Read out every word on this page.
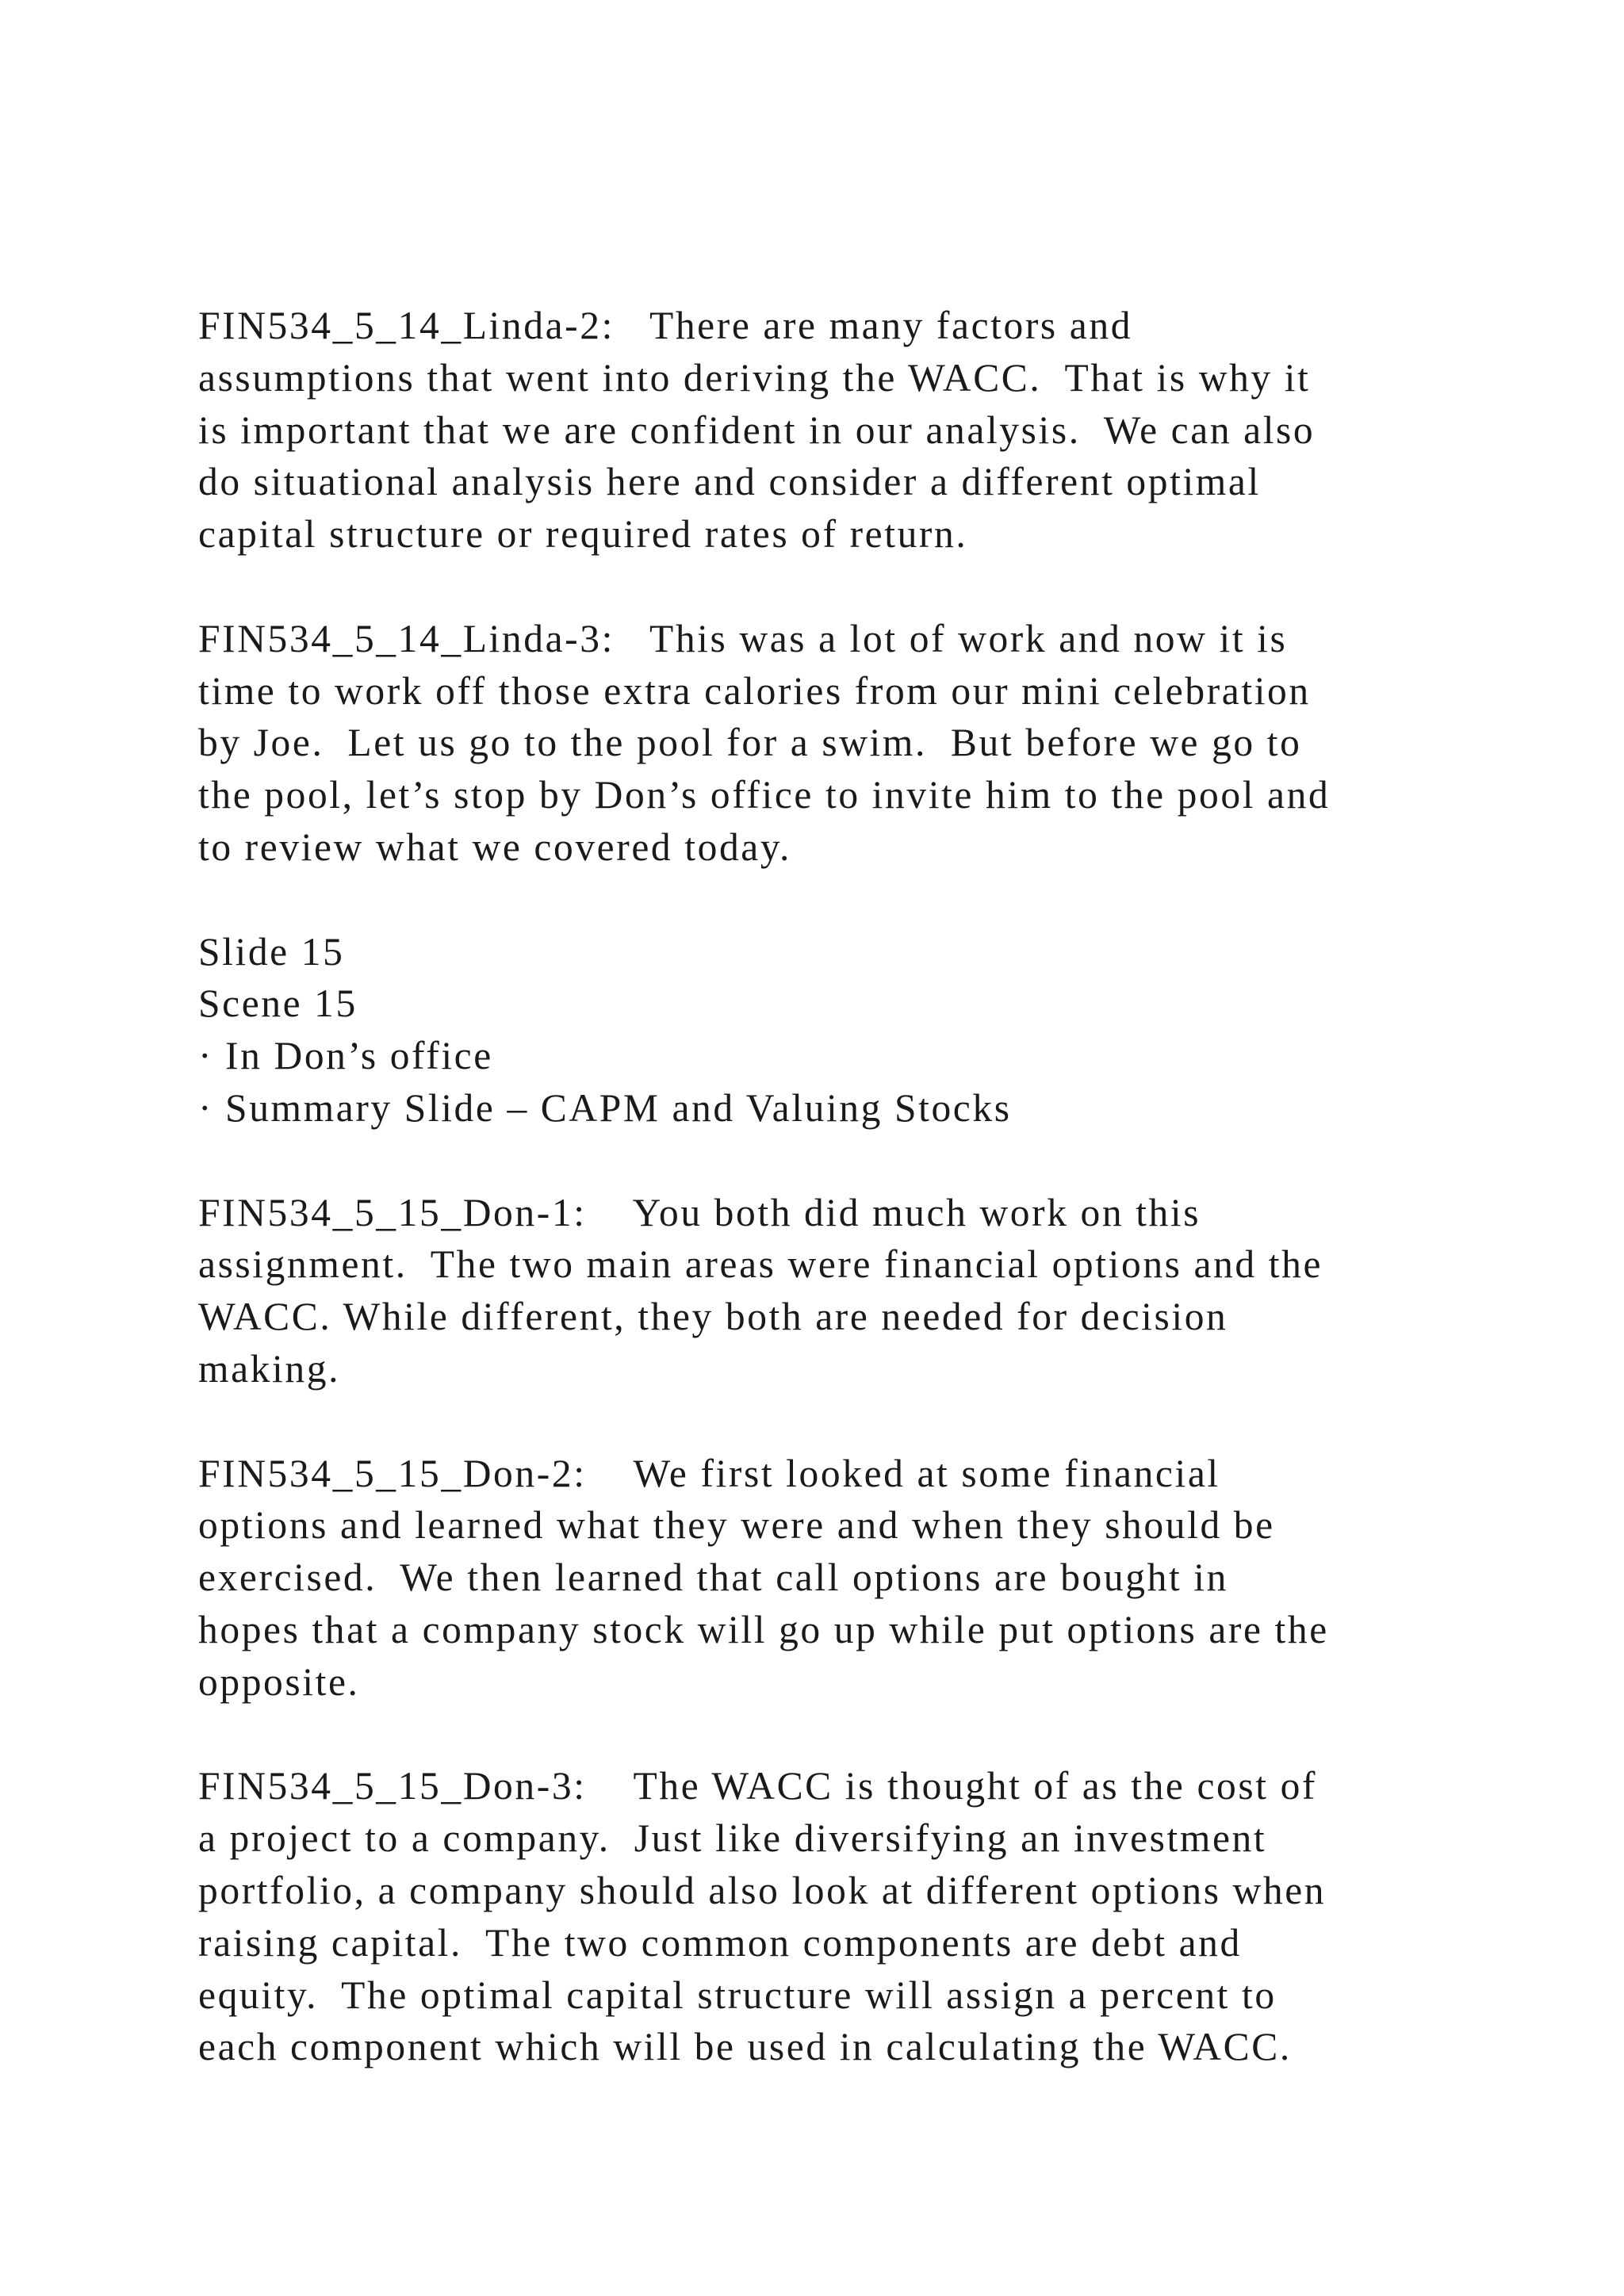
FIN534_5_14_Linda-2:   There are many factors and
assumptions that went into deriving the WACC.  That is why it
is important that we are confident in our analysis.  We can also
do situational analysis here and consider a different optimal
capital structure or required rates of return.
FIN534_5_14_Linda-3:   This was a lot of work and now it is
time to work off those extra calories from our mini celebration
by Joe.  Let us go to the pool for a swim.  But before we go to
the pool, let’s stop by Don’s office to invite him to the pool and
to review what we covered today.
Slide 15
Scene 15
· In Don’s office
· Summary Slide – CAPM and Valuing Stocks
FIN534_5_15_Don-1:    You both did much work on this
assignment.  The two main areas were financial options and the
WACC. While different, they both are needed for decision
making.
FIN534_5_15_Don-2:    We first looked at some financial
options and learned what they were and when they should be
exercised.  We then learned that call options are bought in
hopes that a company stock will go up while put options are the
opposite.
FIN534_5_15_Don-3:    The WACC is thought of as the cost of
a project to a company.  Just like diversifying an investment
portfolio, a company should also look at different options when
raising capital.  The two common components are debt and
equity.  The optimal capital structure will assign a percent to
each component which will be used in calculating the WACC.
